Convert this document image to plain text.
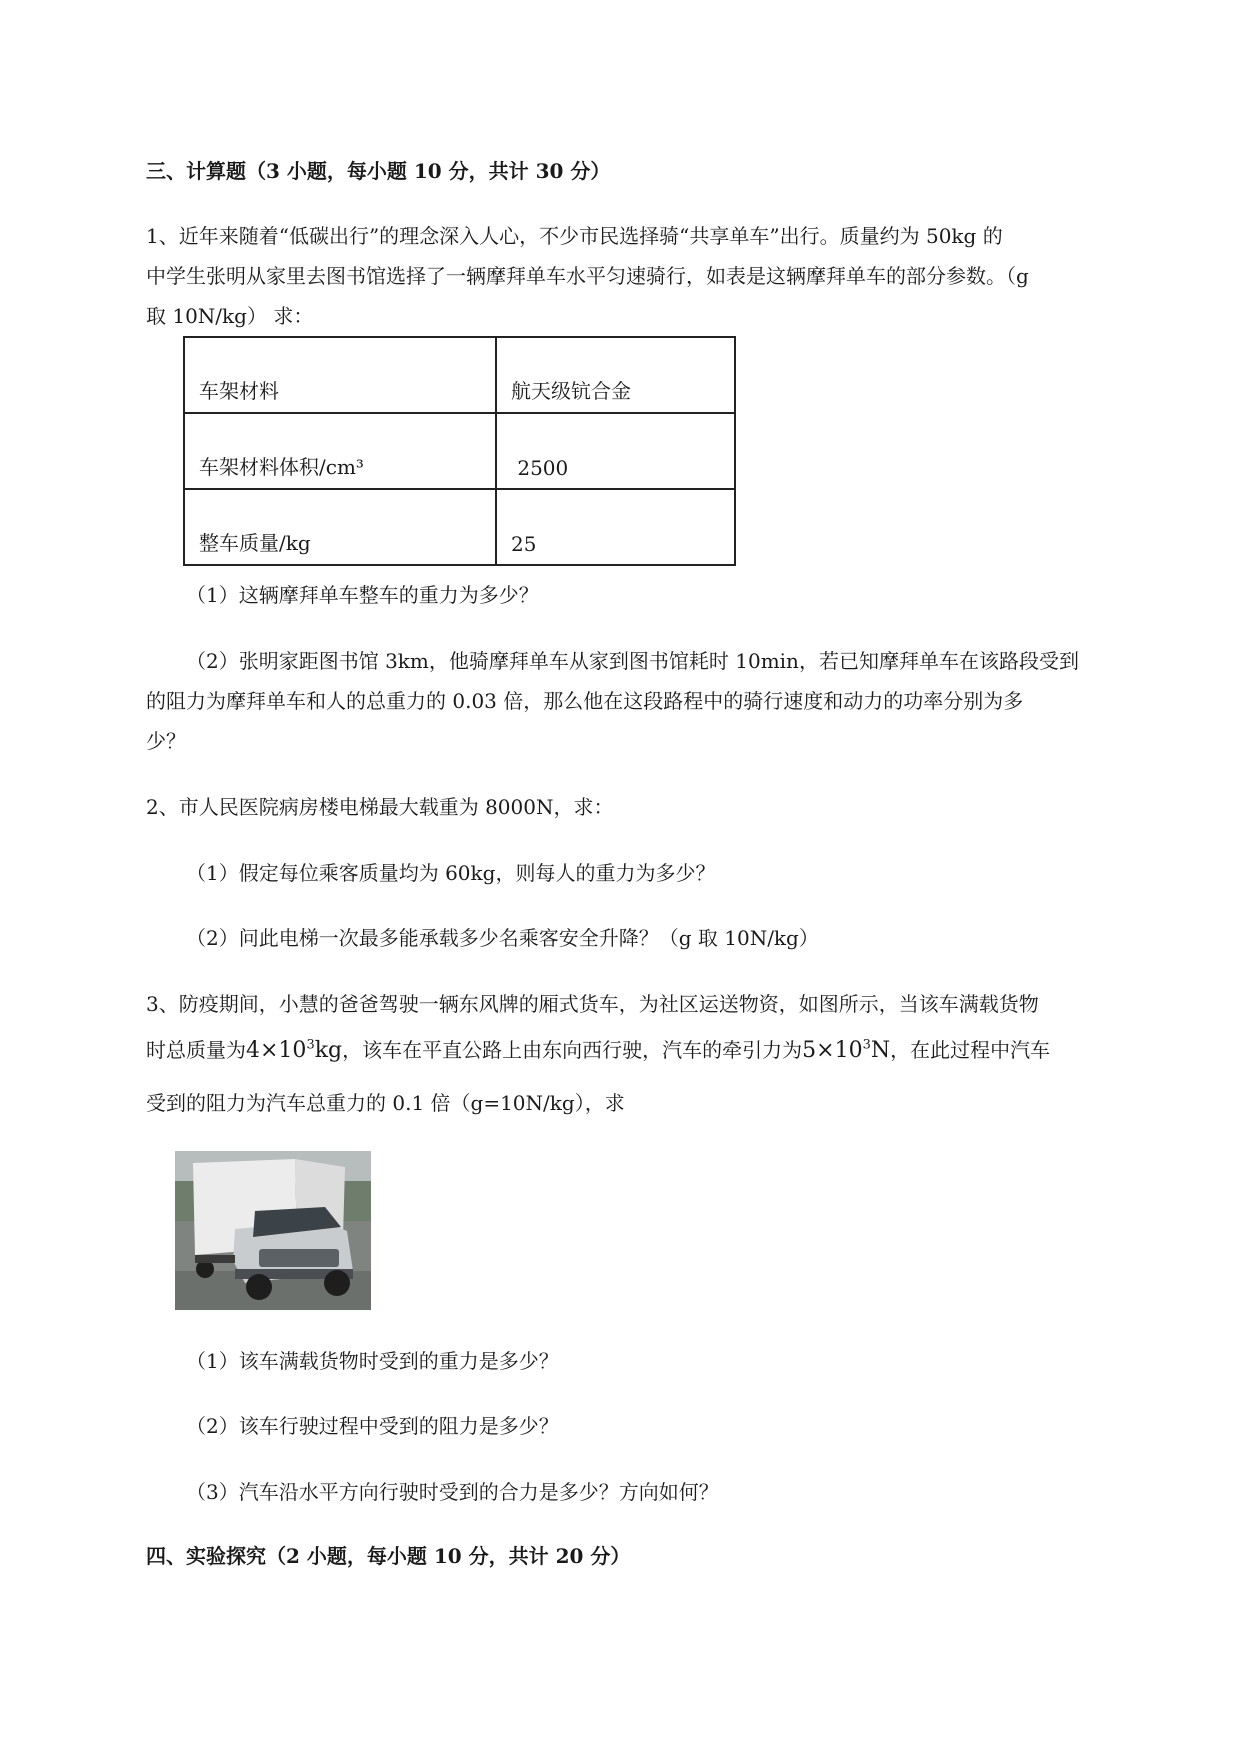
三、计算题（3 小题，每小题 10 分，共计 30 分）
1、近年来随着“低碳出行”的理念深入人心，不少市民选择骑“共享单车”出行。质量约为 50kg 的
中学生张明从家里去图书馆选择了一辆摩拜单车水平匀速骑行，如表是这辆摩拜单车的部分参数。（g
取 10N/kg） 求：
车架材料	航天级钪合金
车架材料体积/cm³	2500
整车质量/kg	25
（1）这辆摩拜单车整车的重力为多少？
（2）张明家距图书馆 3km，他骑摩拜单车从家到图书馆耗时 10min，若已知摩拜单车在该路段受到
的阻力为摩拜单车和人的总重力的 0.03 倍，那么他在这段路程中的骑行速度和动力的功率分别为多
少？
2、市人民医院病房楼电梯最大载重为 8000N，求：
（1）假定每位乘客质量均为 60kg，则每人的重力为多少？
（2）问此电梯一次最多能承载多少名乘客安全升降？（g 取 10N/kg）
3、防疫期间，小慧的爸爸驾驶一辆东风牌的厢式货车，为社区运送物资，如图所示，当该车满载货物
时总质量为$4\times 10^3kg$，该车在平直公路上由东向西行驶，汽车的牵引力为$5\times 10^3N$，在此过程中汽车
受到的阻力为汽车总重力的 0.1 倍（g=10N/kg），求
（1）该车满载货物时受到的重力是多少？
（2）该车行驶过程中受到的阻力是多少？
（3）汽车沿水平方向行驶时受到的合力是多少？方向如何？
四、实验探究（2 小题，每小题 10 分，共计 20 分）
